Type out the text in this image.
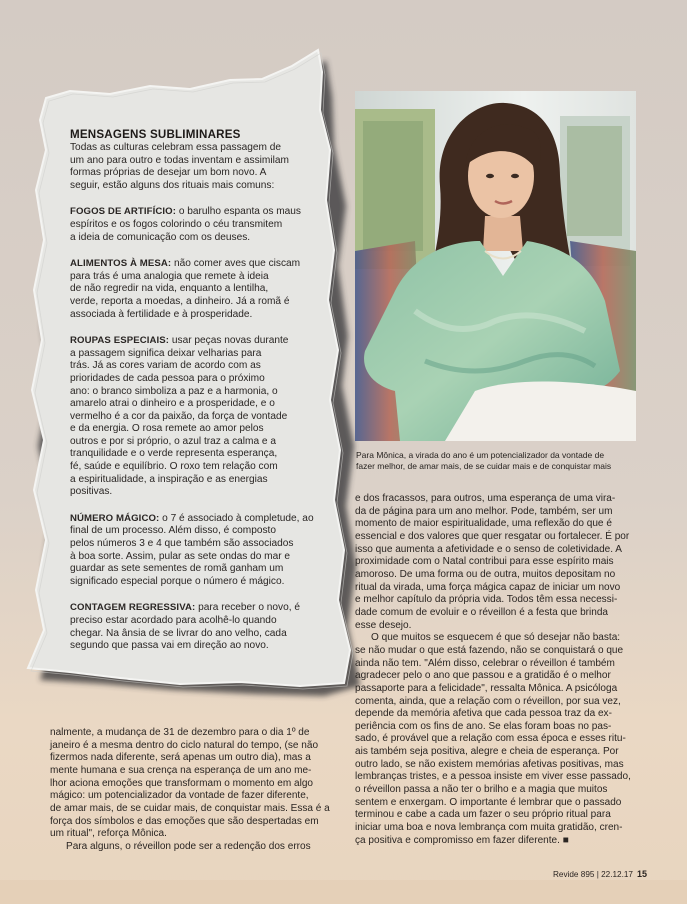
MENSAGENS SUBLIMINARES

Todas as culturas celebram essa passagem de
um ano para outro e todas inventam e assimilam
formas próprias de desejar um bom novo. A
seguir, estão alguns dos rituais mais comuns:

FOGOS DE ARTIFÍCIO: o barulho espanta os maus
espíritos e os fogos colorindo o céu transmitem
a ideia de comunicação com os deuses.

ALIMENTOS À MESA: não comer aves que ciscam
para trás é uma analogia que remete à ideia
de não regredir na vida, enquanto a lentilha,
verde, reporta a moedas, a dinheiro. Já a romã é
associada à fertilidade e à prosperidade.

ROUPAS ESPECIAIS: usar peças novas durante
a passagem significa deixar velharias para
trás. Já as cores variam de acordo com as
prioridades de cada pessoa para o próximo
ano: o branco simboliza a paz e a harmonia, o
amarelo atrai o dinheiro e a prosperidade, e o
vermelho é a cor da paixão, da força de vontade
e da energia. O rosa remete ao amor pelos
outros e por si próprio, o azul traz a calma e a
tranquilidade e o verde representa esperança,
fé, saúde e equilíbrio. O roxo tem relação com
a espiritualidade, a inspiração e as energias
positivas.

NÚMERO MÁGICO: o 7 é associado à completude, ao
final de um processo. Além disso, é composto
pelos números 3 e 4 que também são associados
à boa sorte. Assim, pular as sete ondas do mar e
guardar as sete sementes de romã ganham um
significado especial porque o número é mágico.

CONTAGEM REGRESSIVA: para receber o novo, é
preciso estar acordado para acolhê-lo quando
chegar. Na ânsia de se livrar do ano velho, cada
segundo que passa vai em direção ao novo.

Para Mônica, a virada do ano é um potencializador da vontade de
fazer melhor, de amar mais, de se cuidar mais e de conquistar mais

nalmente, a mudança de 31 de dezembro para o dia 1º de
janeiro é a mesma dentro do ciclo natural do tempo, (se não
fizermos nada diferente, será apenas um outro dia), mas a
mente humana e sua crença na esperança de um ano me-
lhor aciona emoções que transformam o momento em algo
mágico: um potencializador da vontade de fazer diferente,
de amar mais, de se cuidar mais, de conquistar mais. Essa é a
força dos símbolos e das emoções que são despertadas em
um ritual", reforça Mônica.

Para alguns, o réveillon pode ser a redenção dos erros

e dos fracassos, para outros, uma esperança de uma vira-
da de página para um ano melhor. Pode, também, ser um
momento de maior espiritualidade, uma reflexão do que é
essencial e dos valores que quer resgatar ou fortalecer. É por
isso que aumenta a afetividade e o senso de coletividade. A
proximidade com o Natal contribui para esse espírito mais
amoroso. De uma forma ou de outra, muitos depositam no
ritual da virada, uma força mágica capaz de iniciar um novo
e melhor capítulo da própria vida. Todos têm essa necessi-
dade comum de evoluir e o réveillon é a festa que brinda
esse desejo.

O que muitos se esquecem é que só desejar não basta:
se não mudar o que está fazendo, não se conquistará o que
ainda não tem. "Além disso, celebrar o réveillon é também
agradecer pelo o ano que passou e a gratidão é o melhor
passaporte para a felicidade", ressalta Mônica. A psicóloga
comenta, ainda, que a relação com o réveillon, por sua vez,
depende da memória afetiva que cada pessoa traz da ex-
periência com os fins de ano. Se elas foram boas no pas-
sado, é provável que a relação com essa época e esses ritu-
ais também seja positiva, alegre e cheia de esperança. Por
outro lado, se não existem memórias afetivas positivas, mas
lembranças tristes, e a pessoa insiste em viver esse passado,
o réveillon passa a não ter o brilho e a magia que muitos
sentem e enxergam. O importante é lembrar que o passado
terminou e cabe a cada um fazer o seu próprio ritual para
iniciar uma boa e nova lembrança com muita gratidão, cren-
ça positiva e compromisso em fazer diferente. ■

Revide 895 | 22.12.17 15
